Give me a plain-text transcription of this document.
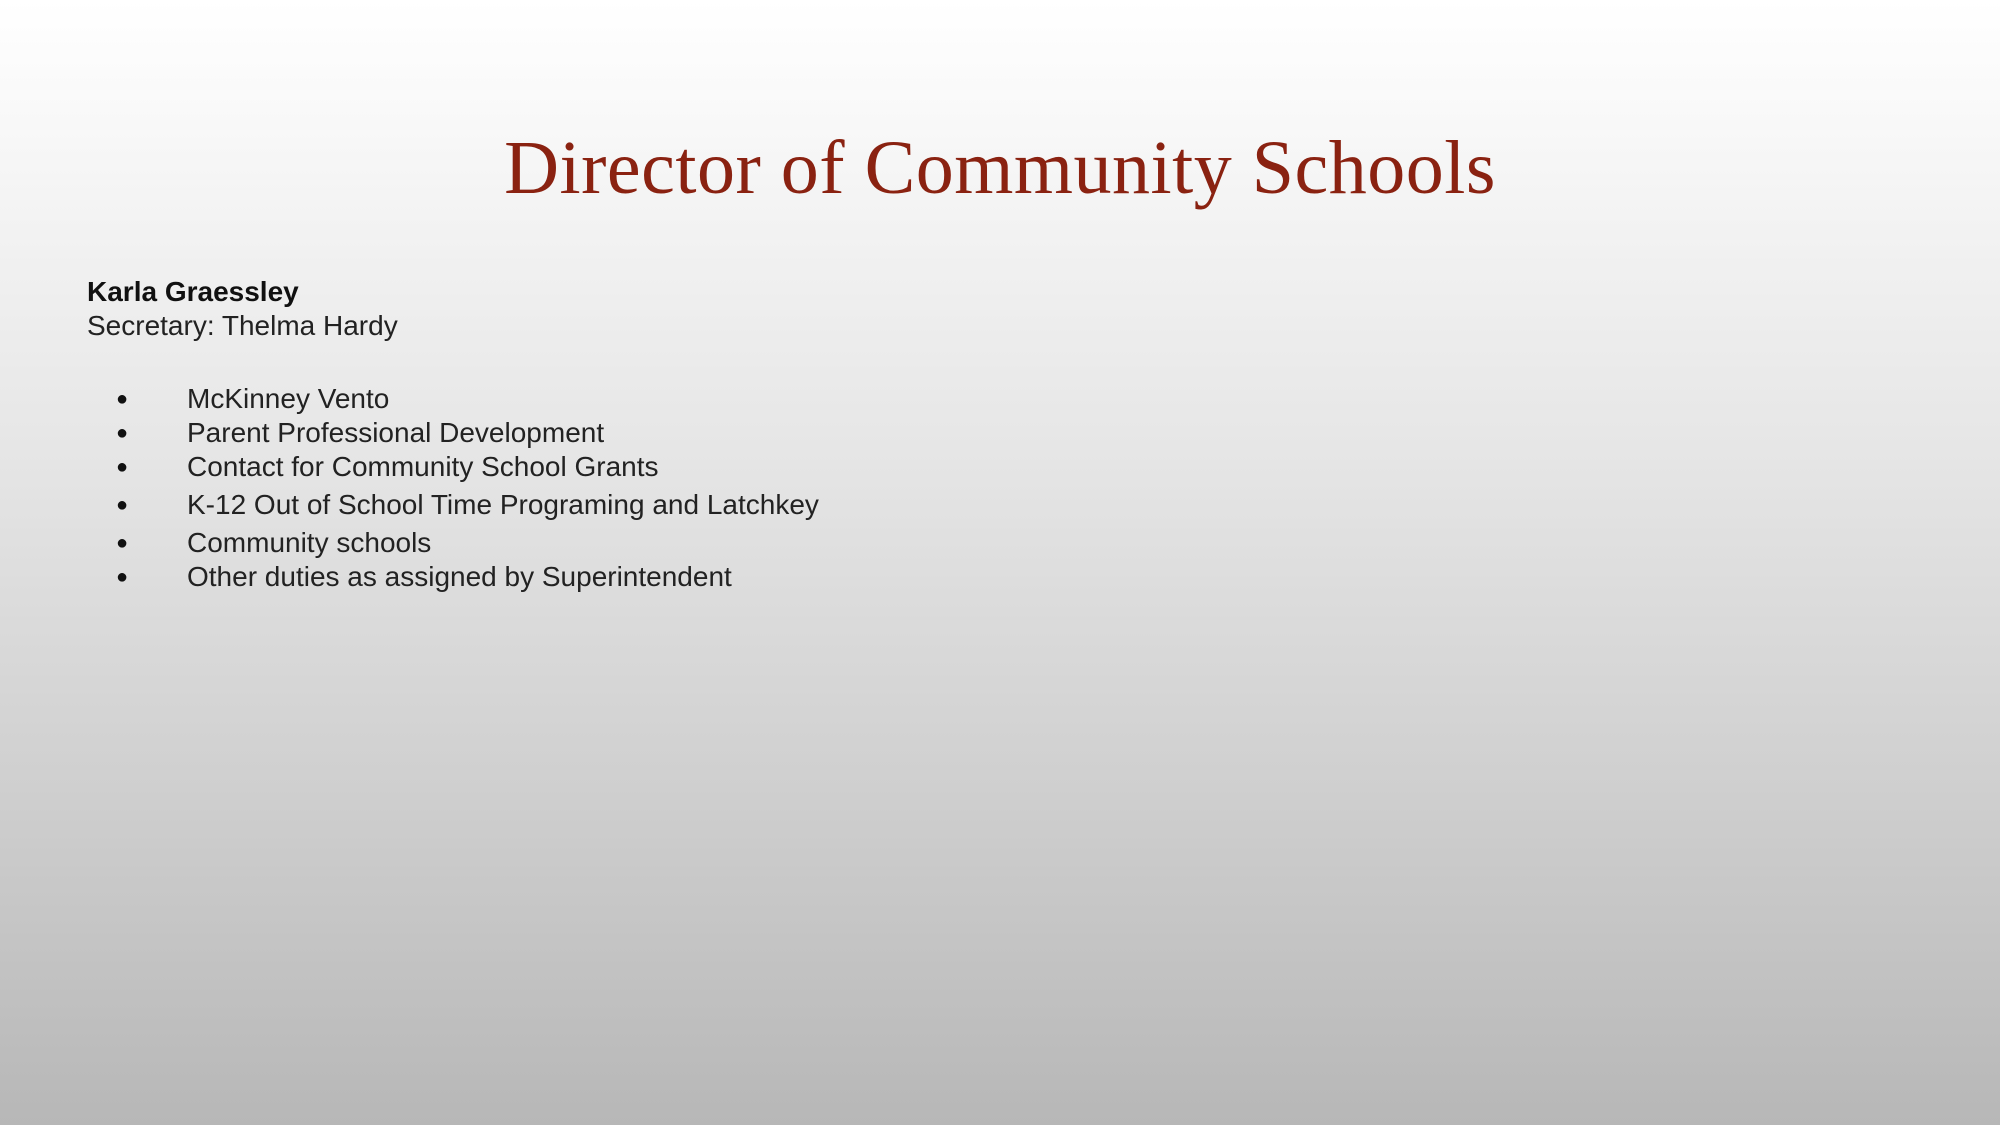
Director of Community Schools
Karla Graessley
Secretary: Thelma Hardy
● McKinney Vento
● Parent Professional Development
● Contact for Community School Grants
● K-12 Out of School Time Programing and Latchkey
● Community schools
● Other duties as assigned by Superintendent
